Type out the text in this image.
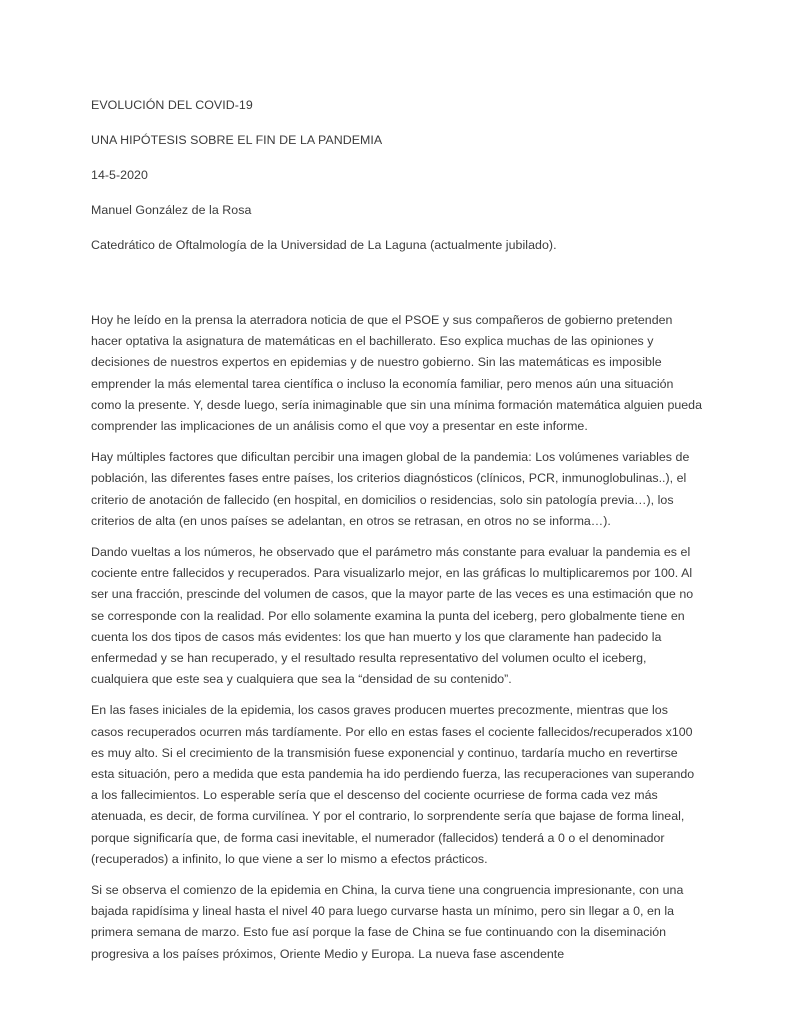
EVOLUCIÓN DEL COVID-19
UNA HIPÓTESIS SOBRE EL FIN DE LA PANDEMIA
14-5-2020
Manuel González de la Rosa
Catedrático de Oftalmología de la Universidad de La Laguna (actualmente jubilado).

Hoy he leído en la prensa la aterradora noticia de que el PSOE y sus compañeros de gobierno pretenden hacer optativa la asignatura de matemáticas en el bachillerato. Eso explica muchas de las opiniones y decisiones de nuestros expertos en epidemias y de nuestro gobierno. Sin las matemáticas es imposible emprender la más elemental tarea científica o incluso la economía familiar, pero menos aún una situación como la presente. Y, desde luego, sería inimaginable que sin una mínima formación matemática alguien pueda comprender las implicaciones de un análisis como el que voy a presentar en este informe.

Hay múltiples factores que dificultan percibir una imagen global de la pandemia: Los volúmenes variables de población, las diferentes fases entre países, los criterios diagnósticos (clínicos, PCR, inmunoglobulinas..), el criterio de anotación de fallecido (en hospital, en domicilios o residencias, solo sin patología previa…), los criterios de alta (en unos países se adelantan, en otros se retrasan, en otros no se informa…).

Dando vueltas a los números, he observado que el parámetro más constante para evaluar la pandemia es el cociente entre fallecidos y recuperados. Para visualizarlo mejor, en las gráficas lo multiplicaremos por 100. Al ser una fracción, prescinde del volumen de casos, que la mayor parte de las veces es una estimación que no se corresponde con la realidad. Por ello solamente examina la punta del iceberg, pero globalmente tiene en cuenta los dos tipos de casos más evidentes: los que han muerto y los que claramente han padecido la enfermedad y se han recuperado, y el resultado resulta representativo del volumen oculto el iceberg, cualquiera que este sea y cualquiera que sea la “densidad de su contenido”.

En las fases iniciales de la epidemia, los casos graves producen muertes precozmente, mientras que los casos recuperados ocurren más tardíamente. Por ello en estas fases el cociente fallecidos/recuperados x100 es muy alto. Si el crecimiento de la transmisión fuese exponencial y continuo, tardaría mucho en revertirse esta situación, pero a medida que esta pandemia ha ido perdiendo fuerza, las recuperaciones van superando a los fallecimientos. Lo esperable sería que el descenso del cociente ocurriese de forma cada vez más atenuada, es decir, de forma curvilínea. Y por el contrario, lo sorprendente sería que bajase de forma lineal, porque significaría que, de forma casi inevitable, el numerador (fallecidos) tenderá a 0 o el denominador (recuperados) a infinito, lo que viene a ser lo mismo a efectos prácticos.

Si se observa el comienzo de la epidemia en China, la curva tiene una congruencia impresionante, con una bajada rapidísima y lineal hasta el nivel 40 para luego curvarse hasta un mínimo, pero sin llegar a 0, en la primera semana de marzo. Esto fue así porque la fase de China se fue continuando con la diseminación progresiva a los países próximos, Oriente Medio y Europa. La nueva fase ascendente
